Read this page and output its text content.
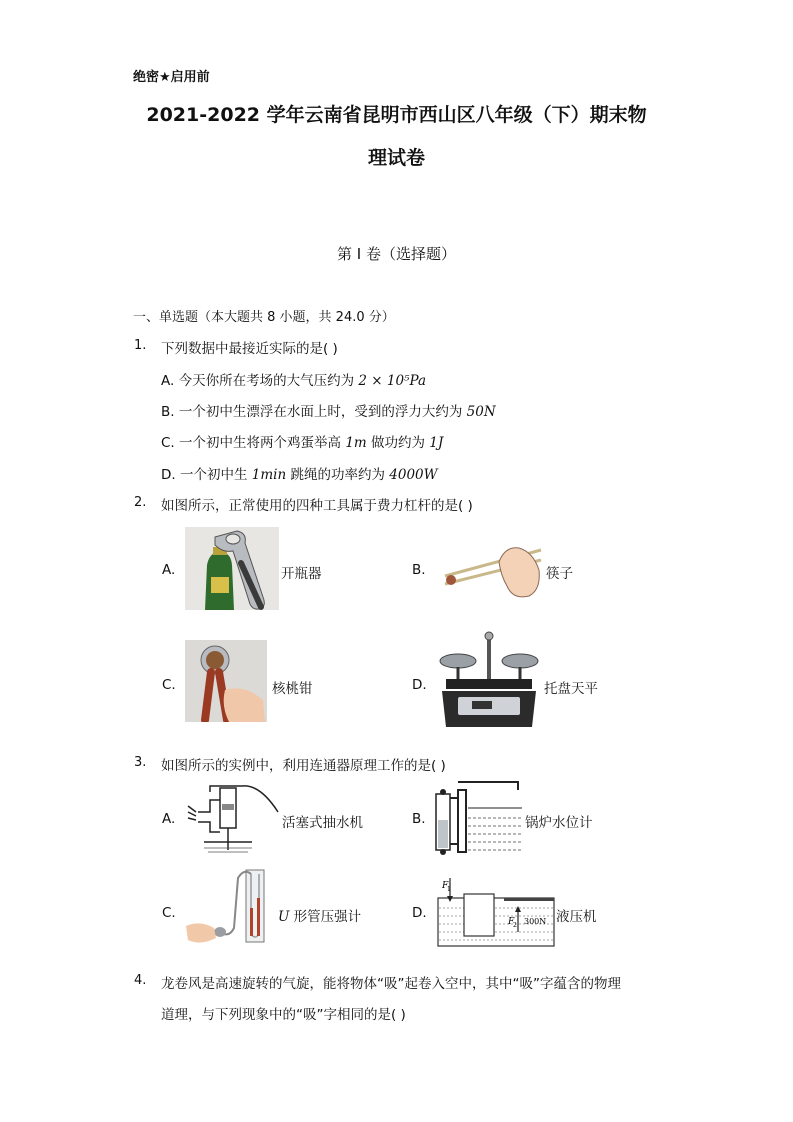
绝密★启用前
2021-2022 学年云南省昆明市西山区八年级（下）期末物
理试卷
第 I 卷（选择题）
一、单选题（本大题共 8 小题，共 24.0 分）
1. 下列数据中最接近实际的是( )
A. 今天你所在考场的大气压约为 2 × 10⁵Pa
B. 一个初中生漂浮在水面上时，受到的浮力大约为 50N
C. 一个初中生将两个鸡蛋举高 1m 做功约为 1J
D. 一个初中生 1min 跳绳的功率约为 4000W
2. 如图所示，正常使用的四种工具属于费力杠杆的是( )
A.	开瓶器	B.	筷子
C.	核桃钳	D.	托盘天平
3. 如图所示的实例中，利用连通器原理工作的是( )
A.	活塞式抽水机	B.	锅炉水位计
C.	U 形管压强计	D.
F
1
F
2 300N 液压机
4. 龙卷风是高速旋转的气旋，能将物体“吸”起卷入空中，其中“吸”字蕴含的物理
道理，与下列现象中的“吸”字相同的是( )
